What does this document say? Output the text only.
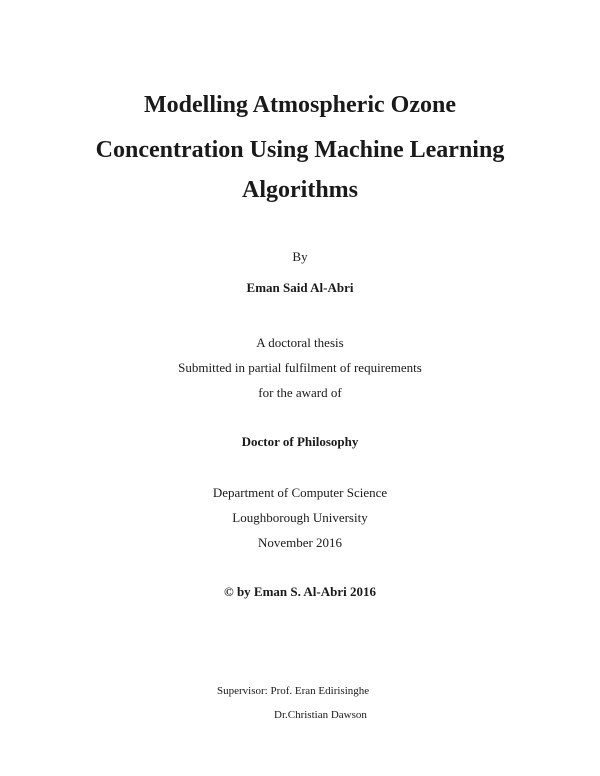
Modelling Atmospheric Ozone
Concentration Using Machine Learning
Algorithms
By
Eman Said Al-Abri
A doctoral thesis
Submitted in partial fulfilment of requirements
for the award of
Doctor of Philosophy
Department of Computer Science
Loughborough University
November 2016
© by Eman S. Al-Abri 2016
Supervisor: Prof. Eran Edirisinghe
Dr.Christian Dawson
